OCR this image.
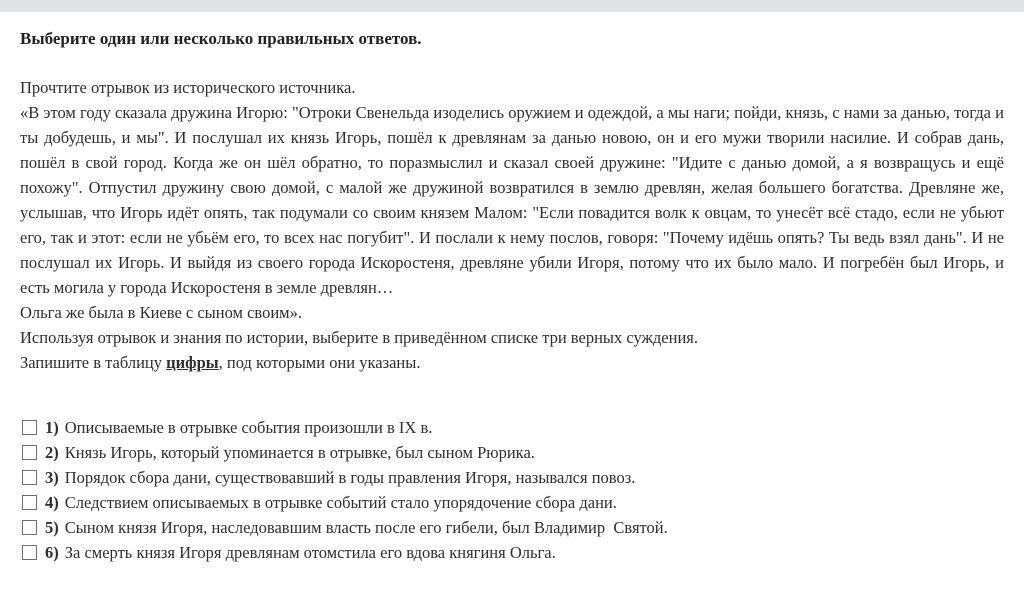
Выберите один или несколько правильных ответов.
Прочтите отрывок из исторического источника.
«В этом году сказала дружина Игорю: "Отроки Свенельда изоделись оружием и одеждой, а мы наги; пойди, князь, с нами за данью, тогда и ты добудешь, и мы". И послушал их князь Игорь, пошёл к древлянам за данью новою, он и его мужи творили насилие. И собрав дань, пошёл в свой город. Когда же он шёл обратно, то поразмыслил и сказал своей дружине: "Идите с данью домой, а я возвращусь и ещё похожу". Отпустил дружину свою домой, с малой же дружиной возвратился в землю древлян, желая большего богатства. Древляне же, услышав, что Игорь идёт опять, так подумали со своим князем Малом: "Если повадится волк к овцам, то унесёт всё стадо, если не убьют его, так и этот: если не убьём его, то всех нас погубит". И послали к нему послов, говоря: "Почему идёшь опять? Ты ведь взял дань". И не послушал их Игорь. И выйдя из своего города Искоростеня, древляне убили Игоря, потому что их было мало. И погребён был Игорь, и есть могила у города Искоростеня в земле древлян…
Ольга же была в Киеве с сыном своим».
Используя отрывок и знания по истории, выберите в приведённом списке три верных суждения.
Запишите в таблицу цифры, под которыми они указаны.
1) Описываемые в отрывке события произошли в IX в.
2) Князь Игорь, который упоминается в отрывке, был сыном Рюрика.
3) Порядок сбора дани, существовавший в годы правления Игоря, назывался повоз.
4) Следствием описываемых в отрывке событий стало упорядочение сбора дани.
5) Сыном князя Игоря, наследовавшим власть после его гибели, был Владимир  Святой.
6) За смерть князя Игоря древлянам отомстила его вдова княгиня Ольга.
